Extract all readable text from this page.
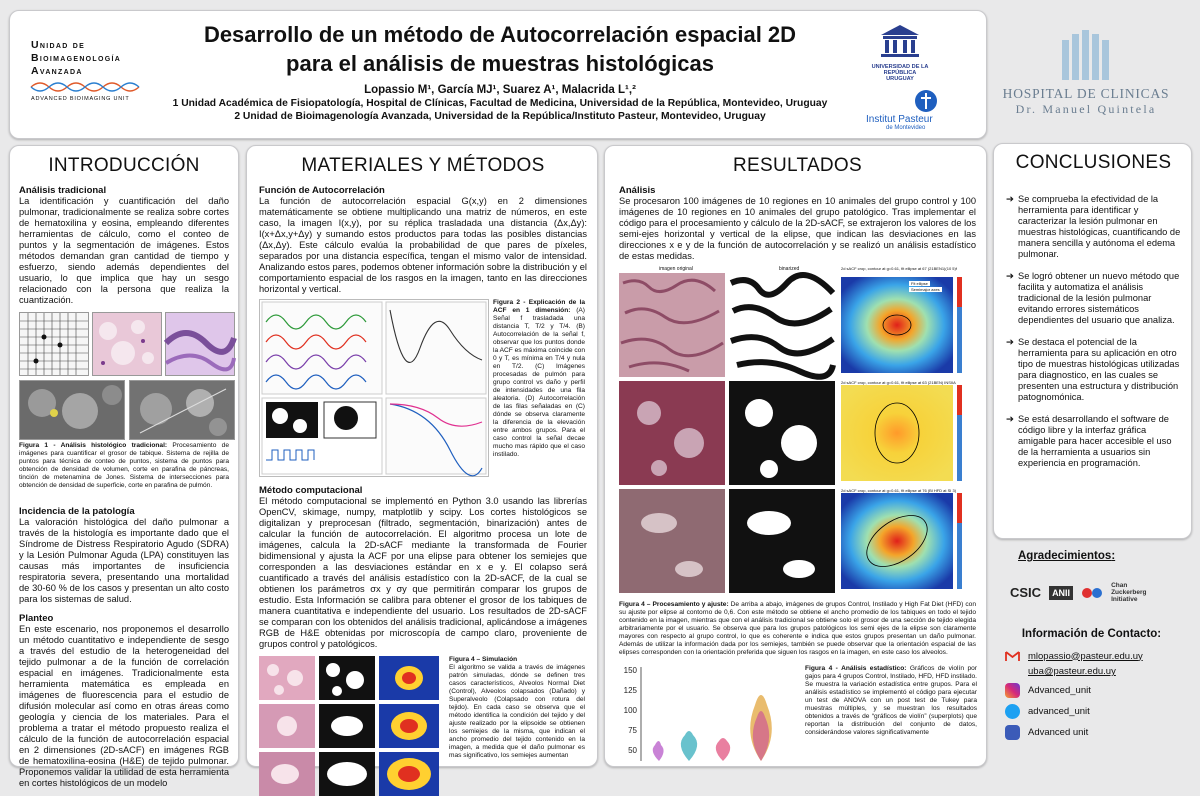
Unidad de
Bioimagenología
Avanzada
ADVANCED BIOIMAGING UNIT
Desarrollo de un método de Autocorrelación espacial 2D
para el análisis de muestras histológicas
Lopassio M¹, García MJ¹, Suarez A¹, Malacrida L¹,²
1 Unidad Académica de Fisiopatología, Hospital de Clínicas, Facultad de Medicina, Universidad de la República, Montevideo, Uruguay
2 Unidad de Bioimagenología Avanzada, Universidad de la República/Instituto Pasteur, Montevideo, Uruguay
UNIVERSIDAD DE LA REPÚBLICA
URUGUAY
Institut Pasteur
de Montevideo
HOSPITAL DE CLINICAS
Dr. Manuel Quintela
INTRODUCCIÓN

Análisis tradicional

La identificación y cuantificación del daño pulmonar, tradicionalmente se realiza sobre cortes de hematoxilina y eosina, empleando diferentes herramientas de cálculo, como el conteo de puntos y la segmentación de imágenes. Estos métodos demandan gran cantidad de tiempo y esfuerzo, siendo además dependientes del usuario, lo que implica que hay un sesgo relacionado con la persona que realiza la cuantización.

Figura 1 - Análisis histológico tradicional: Procesamiento de imágenes para cuantificar el grosor de tabique. Sistema de rejilla de puntos para técnica de conteo de puntos, sistema de puntos para obtención de densidad de volumen, corte en parafina de páncreas, tinción de metenamina de Jones. Sistema de intersecciones para obtención de densidad de superficie, corte en parafina de pulmón.

Incidencia de la patología

La valoración histológica del daño pulmonar a través de la histología es importante dado que el Síndrome de Distress Respiratorio Agudo (SDRA) y la Lesión Pulmonar Aguda (LPA) constituyen las causas más importantes de insuficiencia respiratoria severa, presentando una mortalidad de 30-60 % de los casos y presentan un alto costo para los sistemas de salud.

Planteo

En este escenario, nos proponemos el desarrollo un método cuantitativo e independiente de sesgo a través del estudio de la heterogeneidad del tejido pulmonar a de la función de correlación espacial en imágenes. Tradicionalmente esta herramienta matemática es empleada en imágenes de fluorescencia para el estudio de difusión molecular así como en otras áreas como geología y ciencia de los materiales. Para el problema a tratar el método propuesto realiza el cálculo de la función de autocorrelación espacial en 2 dimensiones (2D-sACF) en imágenes RGB de hematoxilina-eosina (H&E) de tejido pulmonar. Proponemos validar la utilidad de esta herramienta en cortes histológicos de un modelo

MATERIALES Y MÉTODOS

Función de Autocorrelación

La función de autocorrelación espacial G(x,y) en 2 dimensiones matemáticamente se obtiene multiplicando una matriz de números, en este caso, la imagen I(x,y), por su réplica trasladada una distancia (Δx,Δy): I(x+Δx,y+Δy) y sumando estos productos para todas las posibles distancias (Δx,Δy). Este cálculo evalúa la probabilidad de que pares de píxeles, separados por una distancia específica, tengan el mismo valor de intensidad. Analizando estos pares, podemos obtener información sobre la distribución y el comportamiento espacial de los rasgos en la imagen, tanto en las direcciones horizontal y vertical.

Figura 2 - Explicación de la ACF en 1 dimensión: (A) Señal f trasladada una distancia T, T/2 y T/4. (B) Autocorrelación de la señal f, observar que los puntos donde la ACF es máxima coincide con 0 y T, es mínima en T/4 y nula en T/2. (C) Imágenes procesadas de pulmón para grupo control vs daño y perfil de intensidades de una fila aleatoria. (D) Autocorrelación de las filas señaladas en (C) dónde se observa claramente la diferencia de la elevación entre ambos grupos. Para el caso control la señal decae mucho mas rápido que el caso instilado.

Método computacional

El método computacional se implementó en Python 3.0 usando las librerías OpenCV, skimage, numpy, matplotlib y scipy. Los cortes histológicos se digitalizan y preprocesan (filtrado, segmentación, binarización) antes de calcular la función de autocorrelación. El algoritmo procesa un lote de imágenes, calcula la 2D-sACF mediante la transformada de Fourier bidimensional y ajusta la ACF por una elipse para obtener los semiejes que corresponden a las desviaciones estándar en x e y. El colapso será cuantificado a través del análisis estadístico con la 2D-sACF, de la cual se obtienen los parámetros σx y σy que permitirán comparar los grupos de estudio. Esta Información se calibra para obtener el grosor de los tabiques de manera cuantitativa e independiente del usuario. Los resultados de 2D-sACF se comparan con los obtenidos del análisis tradicional, aplicándose a imágenes RGB de H&E obtenidas por microscopía de campo claro, proveniente de grupos control y patológicos.

Figura 4 – Simulación

El algoritmo se valida a través de imágenes patrón simuladas, dónde se definen tres casos característicos, Alveolos Normal Diet (Control), Alveolos colapsados (Dañado) y Superalveolo (Colapsado con rotura del tejido). En cada caso se observa que el método identifica la condición del tejido y del ajuste realizado por la elipsoide se obtienen los semiejes de la misma, que indican el ancho promedio del tejido contenido en la imagen, a medida que el daño pulmonar es mas significativo, los semiejes aumentan

RESULTADOS

Análisis

Se procesaron 100 imágenes de 10 regiones en 10 animales del grupo control y 100 imágenes de 10 regiones en 10 animales del grupo patológico. Tras implementar el código para el procesamiento y cálculo de la 2D-sACF, se extrajeron los valores de los semi-ejes horizontal y vertical de la elipse, que indican las desviaciones en las direcciones x e y de la función de autocorrelación y se realizó un análisis estadístico de estas medidas.

imagen original	binarized	2d sACF crop, contour at g=0.61, fit ellipse at 67 (21BEN1)(10 5)f
2d sACF crop, contour at g=0.61, fit ellipse at 63 (21BEN) INSIIA
2d sACF crop, contour at g=0.61, fit ellipse at 76 (Bl HFD at SI 3)
Fit ellipse
Semimajor axes

Figura 4 – Procesamiento y ajuste: De arriba a abajo, imágenes de grupos Control, Instilado y High Fat Diet (HFD) con su ajuste por elipse al contorno de 0,6. Con este método se obtiene el ancho promedio de los tabiques en todo el tejido contenido en la imagen, mientras que con el análisis tradicional se obtiene solo el grosor de una sección de tejido elegida arbitrariamente por el usuario. Se observa que para los grupos patológicos los semi ejes de la elipse son claramente mayores con respecto al grupo control, lo que es coherente e indica que estos grupos presentan un daño pulmonar. Además de utilizar la información dada por los semiejes, también se puede observar que la orientación espacial de las elipses corresponden con la orientación preferida que siguen los rasgos en la imagen, en este caso los alveolos.

150
125
100
75
50

Figura 4 - Análisis estadístico: Gráficos de violín por gajos para 4 grupos Control, Instilado, HFD, HFD instilado. Se muestra la variación estadística entre grupos. Para el análisis estadístico se implementó el código para ejecutar un test de ANOVA con un post test de Tukey para muestras múltiples, y se muestran los resultados obtenidos a través de “gráficos de violín” (superplots) que reportan la distribución del conjunto de datos, considerándose valores significativamente

CONCLUSIONES
➔ Se comprueba la efectividad de la herramienta para identificar y caracterizar la lesión pulmonar en muestras histológicas, cuantificando de manera sencilla y autónoma el edema pulmonar.
➔ Se logró obtener un nuevo método que facilita y automatiza el análisis tradicional de la lesión pulmonar evitando errores sistemáticos dependientes del usuario que analiza.
➔ Se destaca el potencial de la herramienta para su aplicación en otro tipo de muestras histológicas utilizadas para diagnostico, en las cuales se presenten una estructura y distribución patognomónica.
➔ Se está desarrollando el software de código libre y la interfaz gráfica amigable para hacer accesible el uso de la herramienta a usuarios sin experiencia en programación.
Agradecimientos:
CSIC	ANII
Chan Zuckerberg Initiative
Información de Contacto:
mlopassio@pasteur.edu.uy
uba@pasteur.edu.uy
Advanced_unit
advanced_unit
Advanced unit
